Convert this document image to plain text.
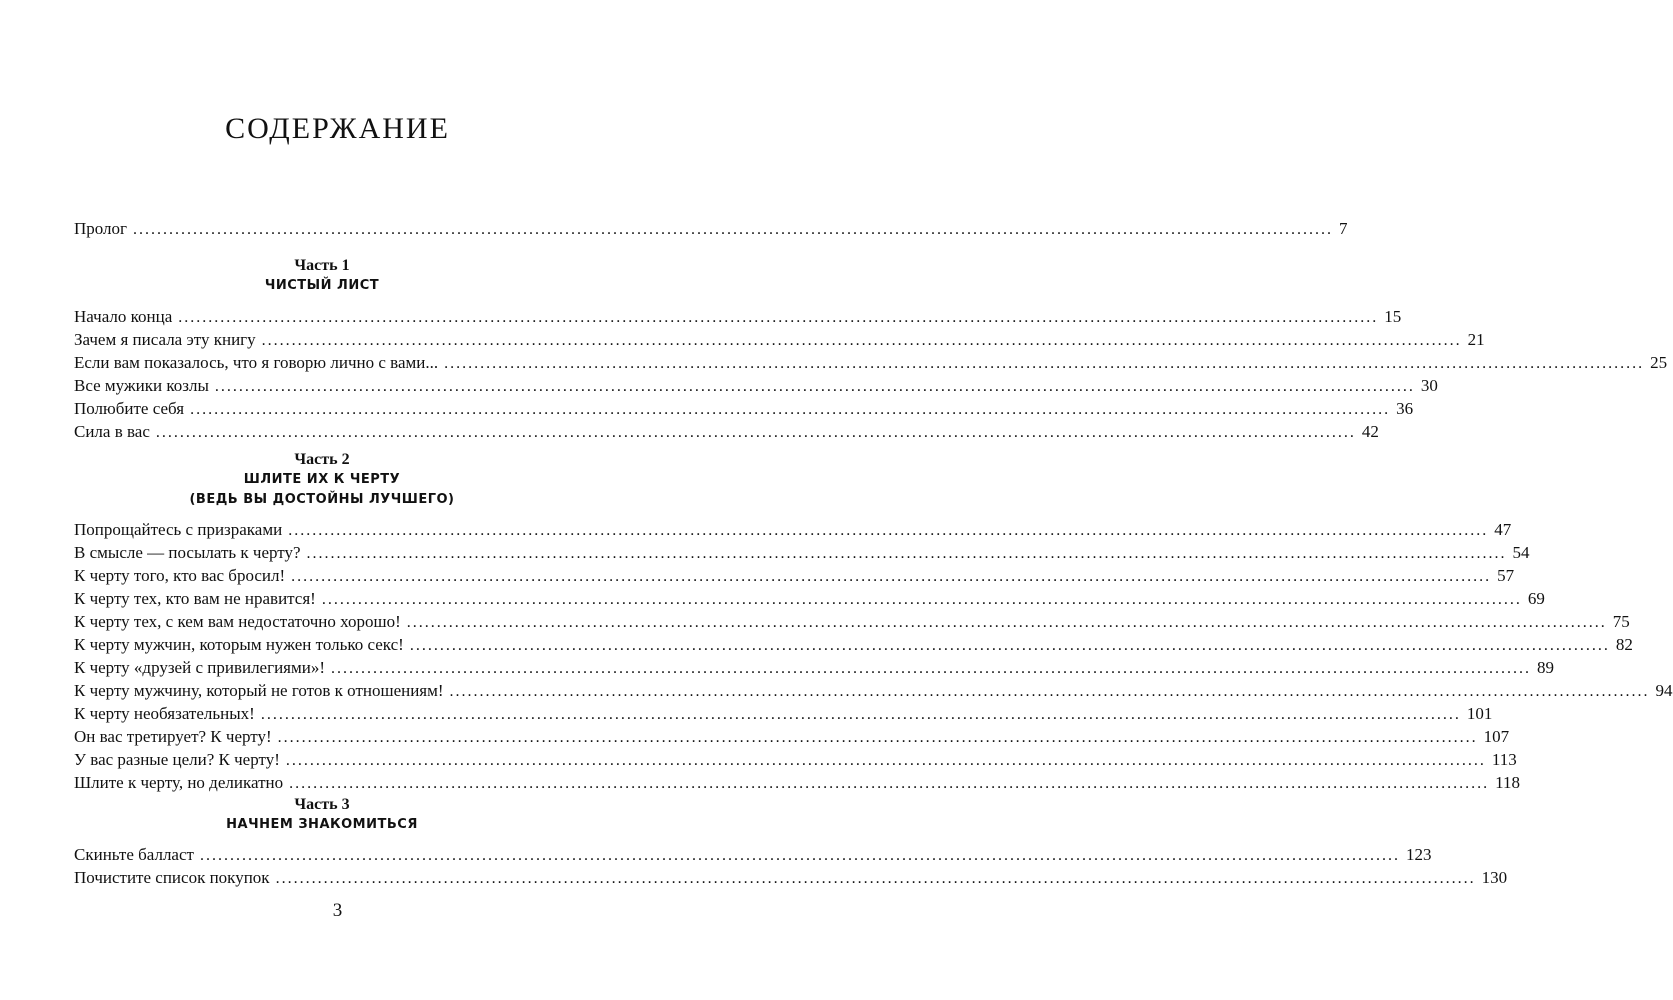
СОДЕРЖАНИЕ
Пролог ........................................................................................................................................................................................................ 7
Часть 1
ЧИСТЫЙ ЛИСТ
Начало конца ........................................................................................................................................................................................................ 15
Зачем я писала эту книгу ........................................................................................................................................................................................................ 21
Если вам показалось, что я говорю лично с вами... ........................................................................................................................................................................................................ 25
Все мужики козлы ........................................................................................................................................................................................................ 30
Полюбите себя ........................................................................................................................................................................................................ 36
Сила в вас ........................................................................................................................................................................................................ 42
Часть 2
ШЛИТЕ ИХ К ЧЕРТУ
(ВЕДЬ ВЫ ДОСТОЙНЫ ЛУЧШЕГО)
Попрощайтесь с призраками ........................................................................................................................................................................................................ 47
В смысле — посылать к черту? ........................................................................................................................................................................................................ 54
К черту того, кто вас бросил! ........................................................................................................................................................................................................ 57
К черту тех, кто вам не нравится! ........................................................................................................................................................................................................ 69
К черту тех, с кем вам недостаточно хорошо! ........................................................................................................................................................................................................ 75
К черту мужчин, которым нужен только секс! ........................................................................................................................................................................................................ 82
К черту «друзей с привилегиями»! ........................................................................................................................................................................................................ 89
К черту мужчину, который не готов к отношениям! ........................................................................................................................................................................................................ 94
К черту необязательных! ........................................................................................................................................................................................................ 101
Он вас третирует? К черту! ........................................................................................................................................................................................................ 107
У вас разные цели? К черту! ........................................................................................................................................................................................................ 113
Шлите к черту, но деликатно ........................................................................................................................................................................................................ 118
Часть 3
НАЧНЕМ ЗНАКОМИТЬСЯ
Скиньте балласт ........................................................................................................................................................................................................ 123
Почистите список покупок ........................................................................................................................................................................................................ 130
3
